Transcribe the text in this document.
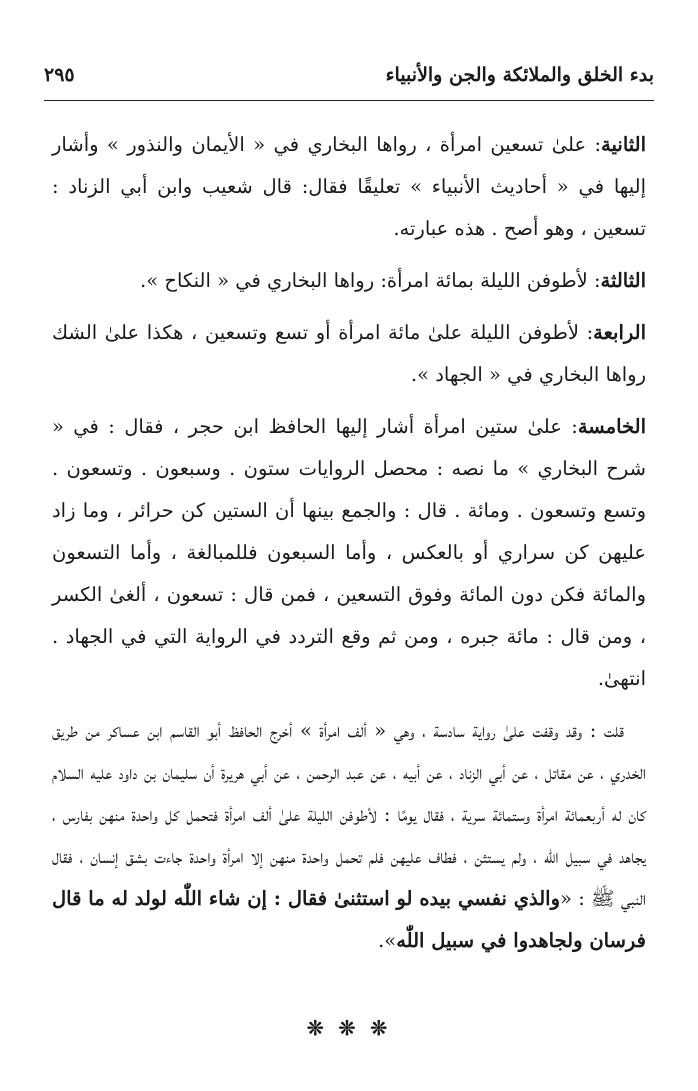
بدء الخلق والملائكة والجن والأنبياء
٢٩٥

الثانية: علىٰ تسعين امرأة ، رواها البخاري في « الأيمان والنذور » وأشار إليها في « أحاديث الأنبياء » تعليقًا فقال: قال شعيب وابن أبي الزناد : تسعين ، وهو أصح . هذه عبارته.

الثالثة: لأطوفن الليلة بمائة امرأة: رواها البخاري في « النكاح ».

الرابعة: لأطوفن الليلة علىٰ مائة امرأة أو تسع وتسعين ، هكذا علىٰ الشك رواها البخاري في « الجهاد ».

الخامسة: علىٰ ستين امرأة أشار إليها الحافظ ابن حجر ، فقال : في « شرح البخاري » ما نصه : محصل الروايات ستون . وسبعون . وتسعون . وتسع وتسعون . ومائة . قال : والجمع بينها أن الستين كن حرائر ، وما زاد عليهن كن سراري أو بالعكس ، وأما السبعون فللمبالغة ، وأما التسعون والمائة فكن دون المائة وفوق التسعين ، فمن قال : تسعون ، ألغىٰ الكسر ، ومن قال : مائة جبره ، ومن ثم وقع التردد في الرواية التي في الجهاد . انتهىٰ.

قلت : وقد وقفت علىٰ رواية سادسة ، وهي « ألف امرأة » أخرج الحافظ أبو القاسم ابن عساكر من طريق الخدري ، عن مقاتل ، عن أبي الزناد ، عن أبيه ، عن عبد الرحمن ، عن أبي هريرة أن سليمان بن داود عليه السلام كان له أربعمائة امرأة وستمائة سرية ، فقال يومًا : لأطوفن الليلة علىٰ ألف امرأة فتحمل كل واحدة منهن بفارس ، يجاهد في سبيل اللّٰه ، ولم يستثن ، فطاف عليهن فلم تحمل واحدة منهن إلا امرأة واحدة جاءت بشق إنسان ، فقال النبي ﷺ : «والذي نفسي بيده لو استثنىٰ فقال : إن شاء اللّٰه لولد له ما قال فرسان ولجاهدوا في سبيل اللّٰه».

❊ ❊ ❊
